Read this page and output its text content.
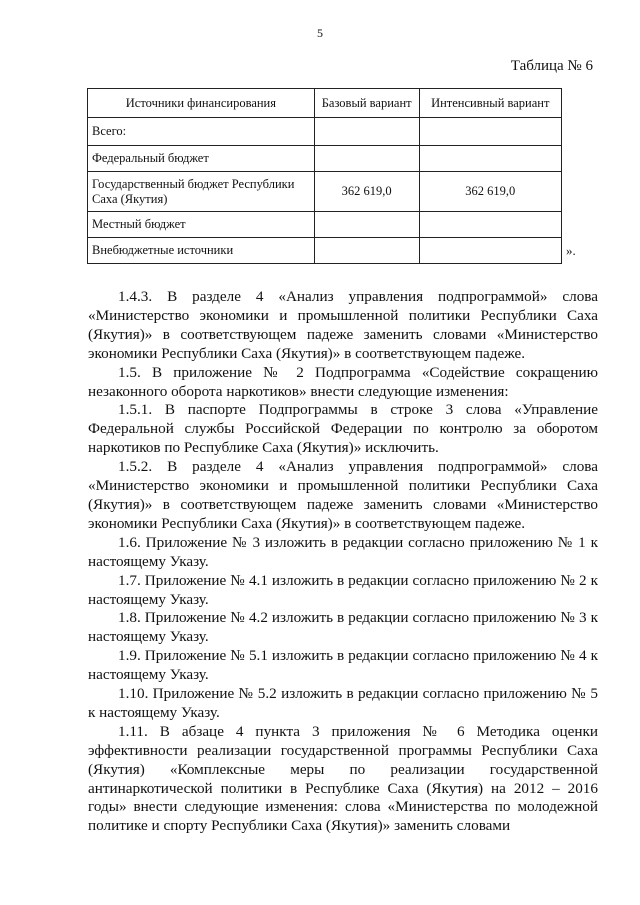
5
Таблица № 6
Источники финансирования	Базовый вариант	Интенсивный вариант
Всего:		
Федеральный бюджет		
Государственный бюджет Республики Саха (Якутия)	362 619,0	362 619,0
Местный бюджет		
Внебюджетные источники			».

1.4.3. В разделе 4 «Анализ управления подпрограммой» слова «Министерство экономики и промышленной политики Республики Саха (Якутия)» в соответствующем падеже заменить словами «Министерство экономики Республики Саха (Якутия)» в соответствующем падеже.

1.5. В приложение № 2 Подпрограмма «Содействие сокращению незаконного оборота наркотиков» внести следующие изменения:

1.5.1. В паспорте Подпрограммы в строке 3 слова «Управление Федеральной службы Российской Федерации по контролю за оборотом наркотиков по Республике Саха (Якутия)» исключить.

1.5.2. В разделе 4 «Анализ управления подпрограммой» слова «Министерство экономики и промышленной политики Республики Саха (Якутия)» в соответствующем падеже заменить словами «Министерство экономики Республики Саха (Якутия)» в соответствующем падеже.

1.6. Приложение № 3 изложить в редакции согласно приложению № 1 к настоящему Указу.

1.7. Приложение № 4.1 изложить в редакции согласно приложению № 2 к настоящему Указу.

1.8. Приложение № 4.2 изложить в редакции согласно приложению № 3 к настоящему Указу.

1.9. Приложение № 5.1 изложить в редакции согласно приложению № 4 к настоящему Указу.

1.10. Приложение № 5.2 изложить в редакции согласно приложению № 5 к настоящему Указу.

1.11. В абзаце 4 пункта 3 приложения № 6 Методика оценки эффективности реализации государственной программы Республики Саха (Якутия) «Комплексные меры по реализации государственной антинаркотической политики в Республике Саха (Якутия) на 2012 – 2016 годы» внести следующие изменения: слова «Министерства по молодежной политике и спорту Республики Саха (Якутия)» заменить словами
